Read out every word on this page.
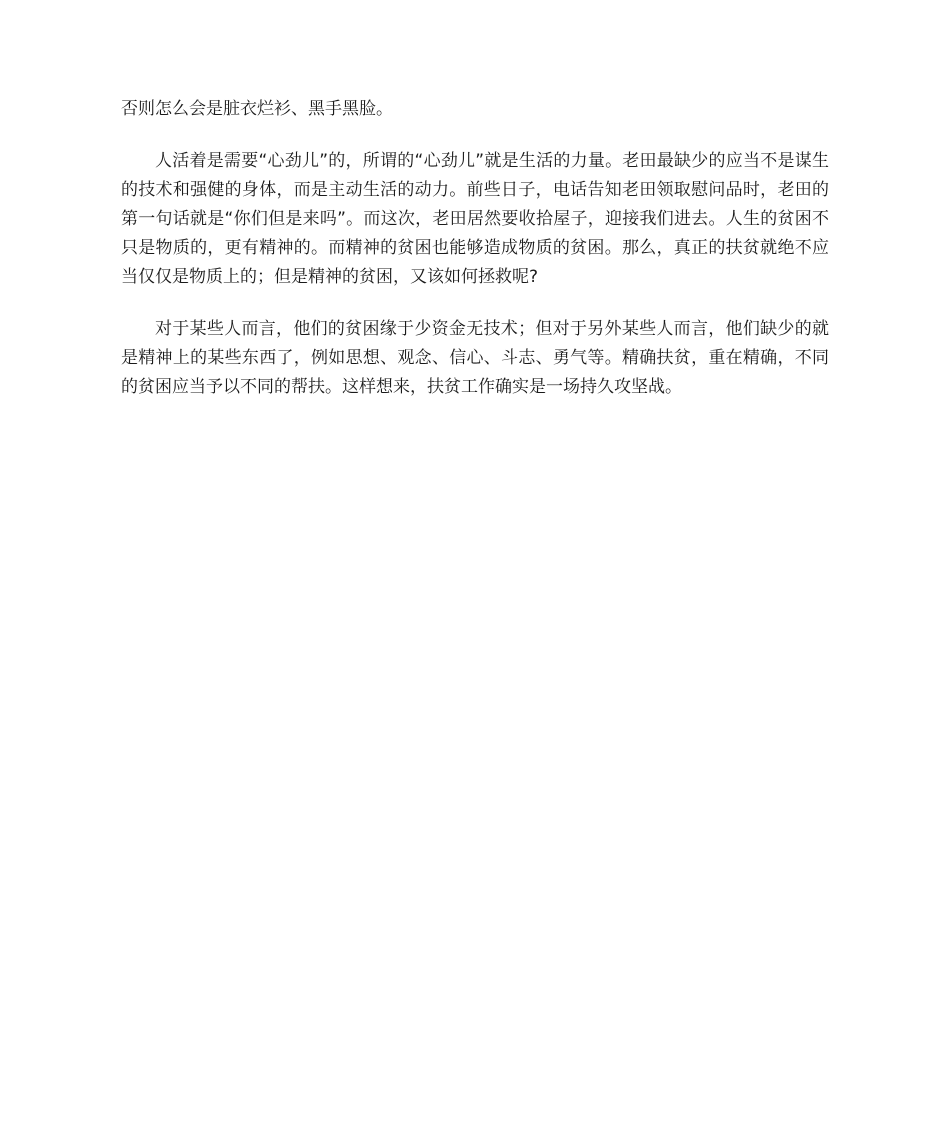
否则怎么会是脏衣烂衫、黑手黑脸。

人活着是需要“心劲儿”的，所谓的“心劲儿”就是生活的力量。老田最缺少的应当不是谋生的技术和强健的身体，而是主动生活的动力。前些日子，电话告知老田领取慰问品时，老田的第一句话就是“你们但是来吗”。而这次，老田居然要收拾屋子，迎接我们进去。人生的贫困不只是物质的，更有精神的。而精神的贫困也能够造成物质的贫困。那么，真正的扶贫就绝不应当仅仅是物质上的；但是精神的贫困，又该如何拯救呢?

对于某些人而言，他们的贫困缘于少资金无技术；但对于另外某些人而言，他们缺少的就是精神上的某些东西了，例如思想、观念、信心、斗志、勇气等。精确扶贫，重在精确，不同的贫困应当予以不同的帮扶。这样想来，扶贫工作确实是一场持久攻坚战。
